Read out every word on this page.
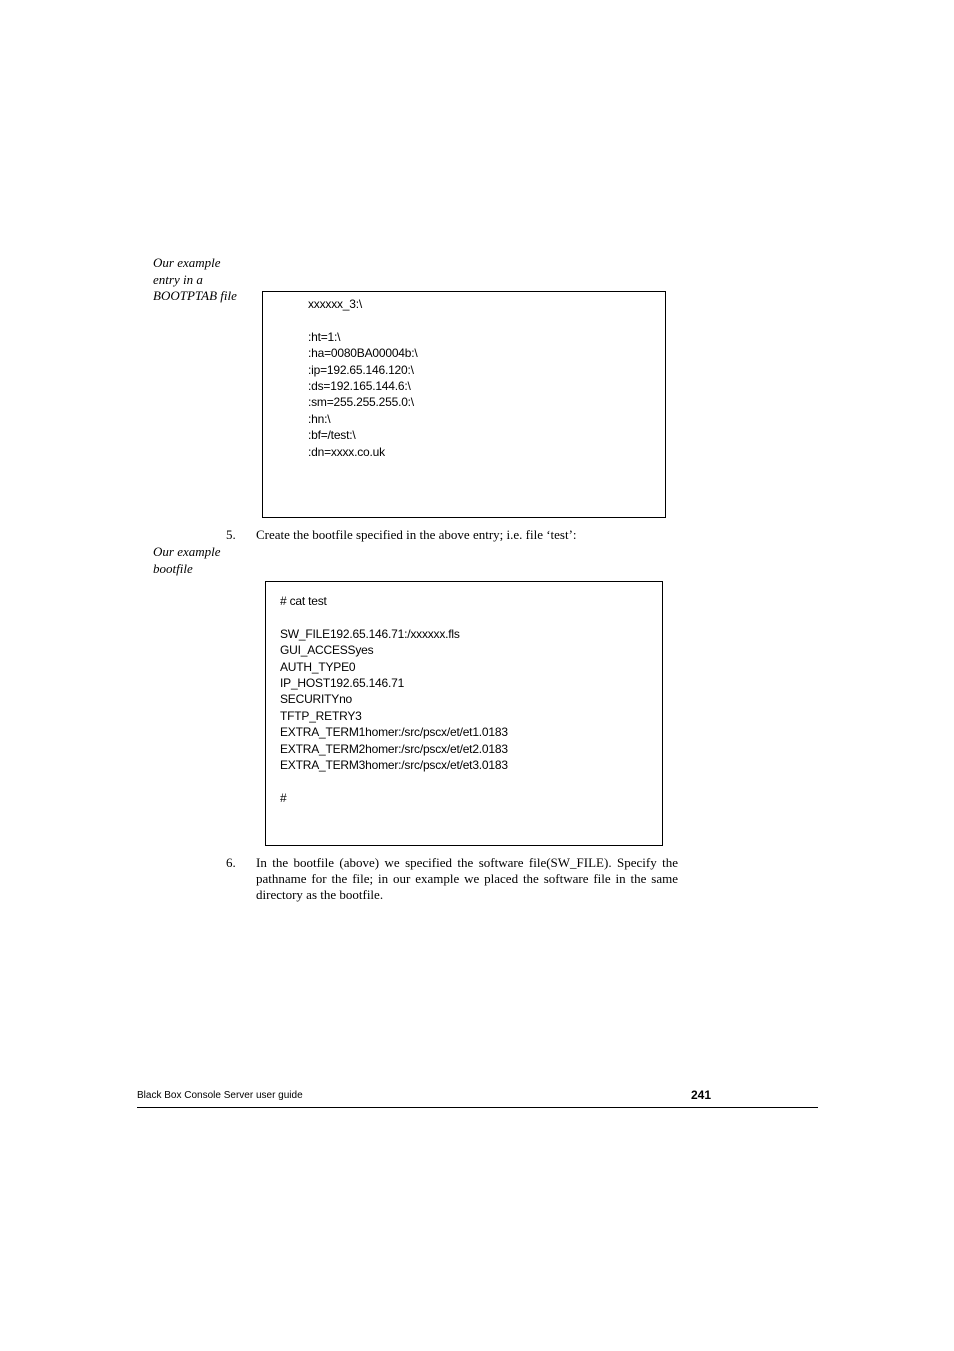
Our example entry in a BOOTPTAB file
xxxxxx_3:\
:ht=1:\
:ha=0080BA00004b:\
:ip=192.65.146.120:\
:ds=192.165.144.6:\
:sm=255.255.255.0:\
:hn:\
:bf=/test:\
:dn=xxxx.co.uk
5. Create the bootfile specified in the above entry; i.e. file ‘test’:
Our example bootfile
# cat test
SW_FILE192.65.146.71:/xxxxxx.fls
GUI_ACCESSyes
AUTH_TYPE0
IP_HOST192.65.146.71
SECURITYno
TFTP_RETRY3
EXTRA_TERM1homer:/src/pscx/et/et1.0183
EXTRA_TERM2homer:/src/pscx/et/et2.0183
EXTRA_TERM3homer:/src/pscx/et/et3.0183
#
6. In the bootfile (above) we specified the software file(SW_FILE). Specify the pathname for the file; in our example we placed the software file in the same directory as the bootfile.
Black Box Console Server user guide	241
